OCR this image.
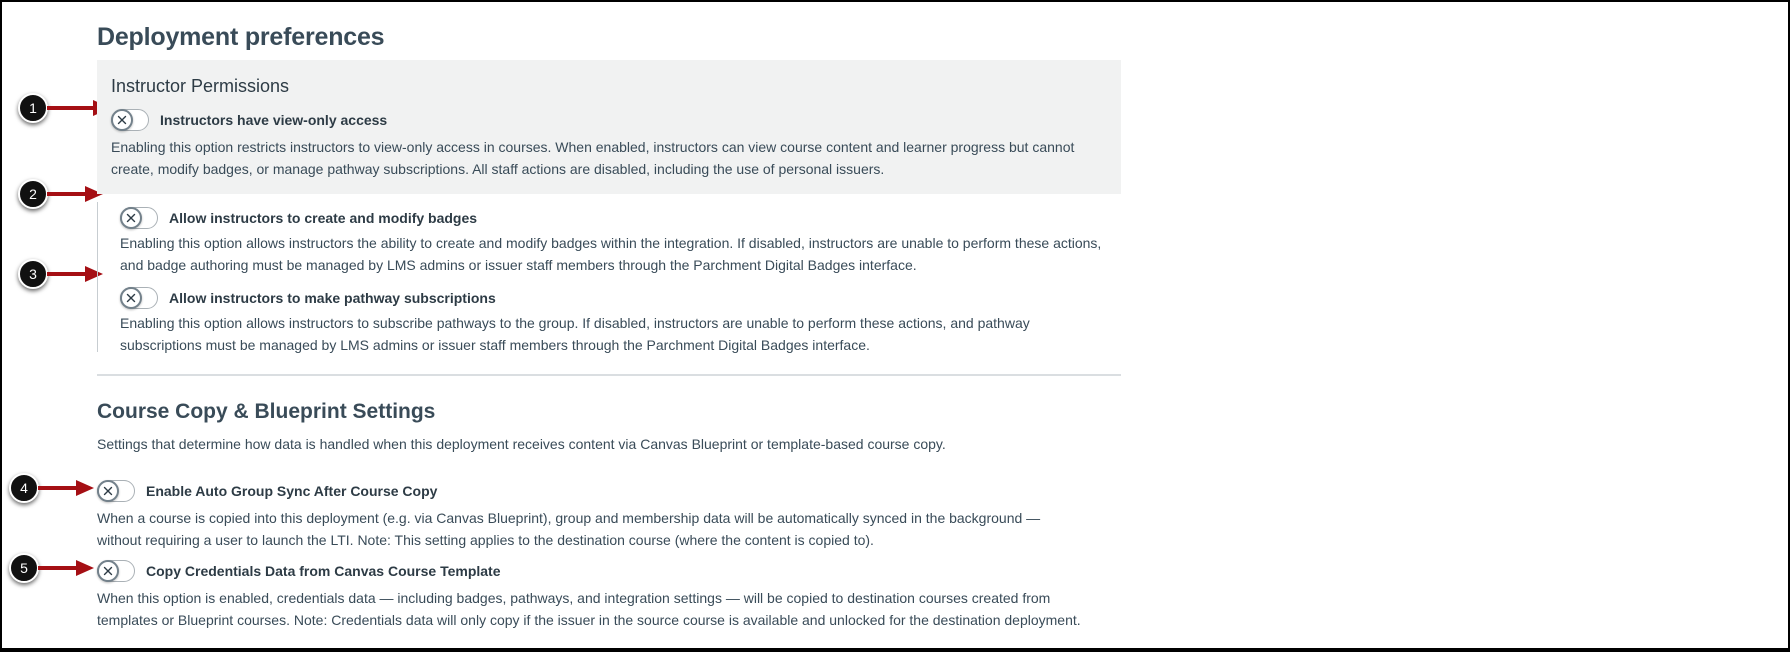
1
2
3
4
5
Deployment preferences
Instructor Permissions
Instructors have view-only access

Enabling this option restricts instructors to view-only access in courses. When enabled, instructors can view course content and learner progress but cannot create, modify badges, or manage pathway subscriptions. All staff actions are disabled, including the use of personal issuers.

Allow instructors to create and modify badges

Enabling this option allows instructors the ability to create and modify badges within the integration. If disabled, instructors are unable to perform these actions, and badge authoring must be managed by LMS admins or issuer staff members through the Parchment Digital Badges interface.

Allow instructors to make pathway subscriptions

Enabling this option allows instructors to subscribe pathways to the group. If disabled, instructors are unable to perform these actions, and pathway subscriptions must be managed by LMS admins or issuer staff members through the Parchment Digital Badges interface.

Course Copy & Blueprint Settings

Settings that determine how data is handled when this deployment receives content via Canvas Blueprint or template-based course copy.

Enable Auto Group Sync After Course Copy

When a course is copied into this deployment (e.g. via Canvas Blueprint), group and membership data will be automatically synced in the background — without requiring a user to launch the LTI. Note: This setting applies to the destination course (where the content is copied to).

Copy Credentials Data from Canvas Course Template

When this option is enabled, credentials data — including badges, pathways, and integration settings — will be copied to destination courses created from templates or Blueprint courses. Note: Credentials data will only copy if the issuer in the source course is available and unlocked for the destination deployment.
